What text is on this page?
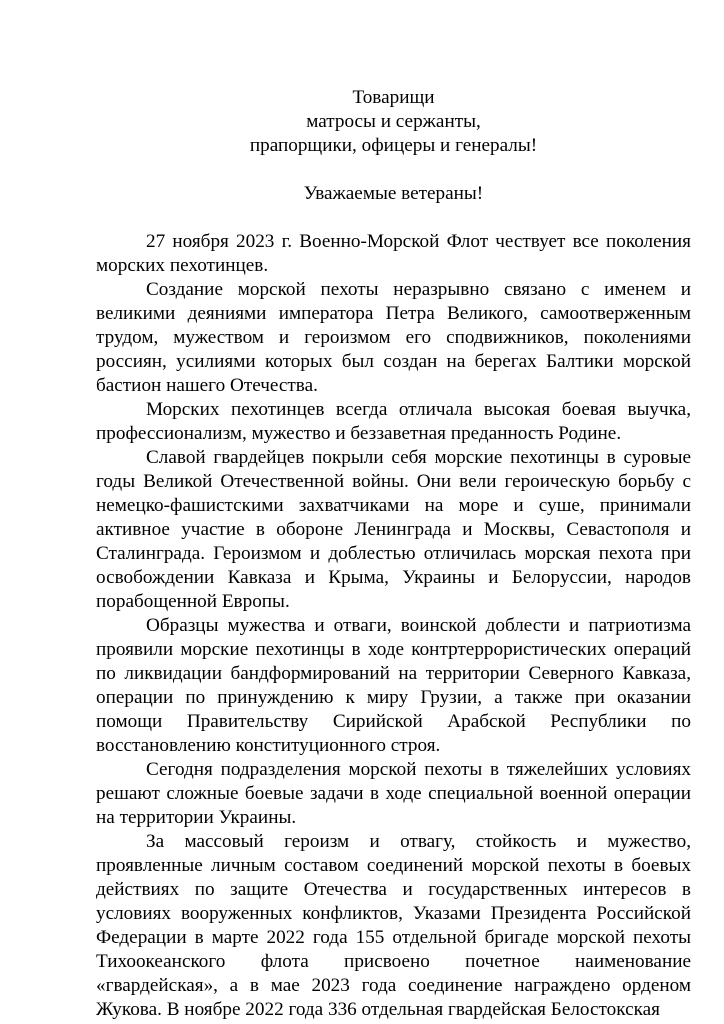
Товарищи
матросы и сержанты,
прапорщики, офицеры и генералы!

Уважаемые ветераны!

27 ноября 2023 г. Военно-Морской Флот чествует все поколения морских пехотинцев.

Создание морской пехоты неразрывно связано с именем и великими деяниями императора Петра Великого, самоотверженным трудом, мужеством и героизмом его сподвижников, поколениями россиян, усилиями которых был создан на берегах Балтики морской бастион нашего Отечества.

Морских пехотинцев всегда отличала высокая боевая выучка, профессионализм, мужество и беззаветная преданность Родине.

Славой гвардейцев покрыли себя морские пехотинцы в суровые годы Великой Отечественной войны. Они вели героическую борьбу с немецко-фашистскими захватчиками на море и суше, принимали активное участие в обороне Ленинграда и Москвы, Севастополя и Сталинграда. Героизмом и доблестью отличилась морская пехота при освобождении Кавказа и Крыма, Украины и Белоруссии, народов порабощенной Европы.

Образцы мужества и отваги, воинской доблести и патриотизма проявили морские пехотинцы в ходе контртеррористических операций по ликвидации бандформирований на территории Северного Кавказа, операции по принуждению к миру Грузии, а также при оказании помощи Правительству Сирийской Арабской Республики по восстановлению конституционного строя.

Сегодня подразделения морской пехоты в тяжелейших условиях решают сложные боевые задачи в ходе специальной военной операции на территории Украины.

За массовый героизм и отвагу, стойкость и мужество, проявленные личным составом соединений морской пехоты в боевых действиях по защите Отечества и государственных интересов в условиях вооруженных конфликтов, Указами Президента Российской Федерации в марте 2022 года 155 отдельной бригаде морской пехоты Тихоокеанского флота присвоено почетное наименование «гвардейская», а в мае 2023 года соединение награждено орденом Жукова. В ноябре 2022 года 336 отдельная гвардейская Белостокская
